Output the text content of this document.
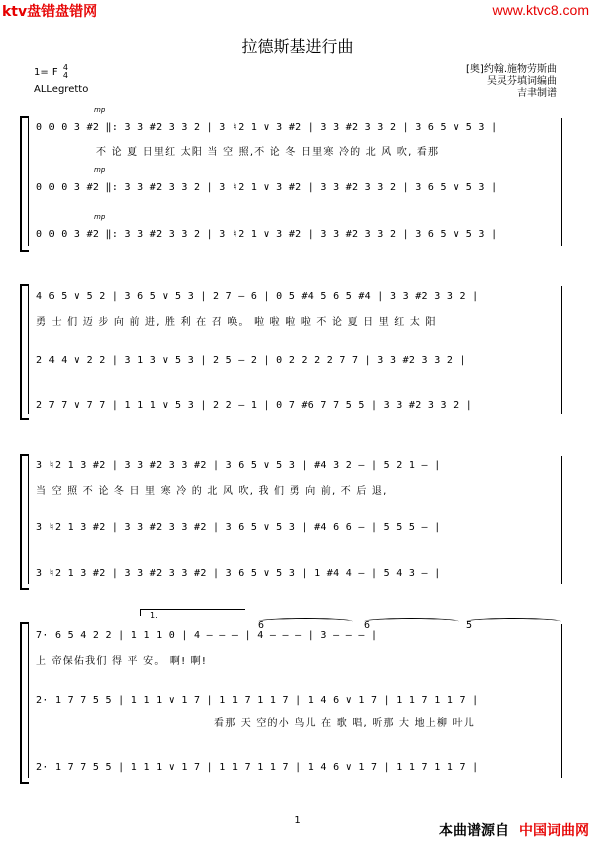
ktv盘错盘错网	www.ktvc8.com
拉德斯基进行曲
1= F 4
4
ALLegretto
[奥]约翰.施物劳斯曲
吴灵芬填词编曲
吉聿制谱
mp
0 0 0 3 #2 ‖: 3 3 #2 3 3 2 | 3 ♮2 1 ∨ 3 #2 | 3 3 #2 3 3 2 | 3 6 5 ∨ 5 3 |
不 论 夏 日里红 太阳 当 空 照,不 论 冬 日里寒 冷的 北 风 吹, 看那
mp
0 0 0 3 #2 ‖: 3 3 #2 3 3 2 | 3 ♮2 1 ∨ 3 #2 | 3 3 #2 3 3 2 | 3 6 5 ∨ 5 3 |
mp
0 0 0 3 #2 ‖: 3 3 #2 3 3 2 | 3 ♮2 1 ∨ 3 #2 | 3 3 #2 3 3 2 | 3 6 5 ∨ 5 3 |
4 6 5 ∨ 5 2 | 3 6 5 ∨ 5 3 | 2 7 – 6 | 0 5 #4 5 6 5 #4 | 3 3 #2 3 3 2 |
勇 士 们 迈 步 向 前 进, 胜 利 在 召 唤。 啦 啦 啦 啦 不 论 夏 日 里 红 太 阳
2 4 4 ∨ 2 2 | 3 1 3 ∨ 5 3 | 2 5 – 2 | 0 2 2 2 2 7 7 | 3 3 #2 3 3 2 |
2 7 7 ∨ 7 7 | 1 1 1 ∨ 5 3 | 2 2 – 1 | 0 7 #6 7 7 5 5 | 3 3 #2 3 3 2 |
3 ♮2 1 3 #2 | 3 3 #2 3 3 #2 | 3 6 5 ∨ 5 3 | #4 3 2 – | 5 2 1 – |
当 空 照 不 论 冬 日 里 寒 冷 的 北 风 吹, 我 们 勇 向 前, 不 后 退,
3 ♮2 1 3 #2 | 3 3 #2 3 3 #2 | 3 6 5 ∨ 5 3 | #4 6 6 – | 5 5 5 – |
3 ♮2 1 3 #2 | 3 3 #2 3 3 #2 | 3 6 5 ∨ 5 3 | 1 #4 4 – | 5 4 3 – |
1.
6	6	5
7· 6 5 4 2 2 | 1 1 1 0 | 4 – – – | 4 – – – | 3 – – – |
上 帝保佑我们 得 平 安。 啊! 啊!
2· 1 7 7 5 5 | 1 1 1 ∨ 1 7 | 1 1 7 1 1 7 | 1 4 6 ∨ 1 7 | 1 1 7 1 1 7 |
看那 天 空的小 鸟儿 在 歌 唱, 听那 大 地上柳 叶儿
2· 1 7 7 5 5 | 1 1 1 ∨ 1 7 | 1 1 7 1 1 7 | 1 4 6 ∨ 1 7 | 1 1 7 1 1 7 |
1
本曲谱源自 中国词曲网
